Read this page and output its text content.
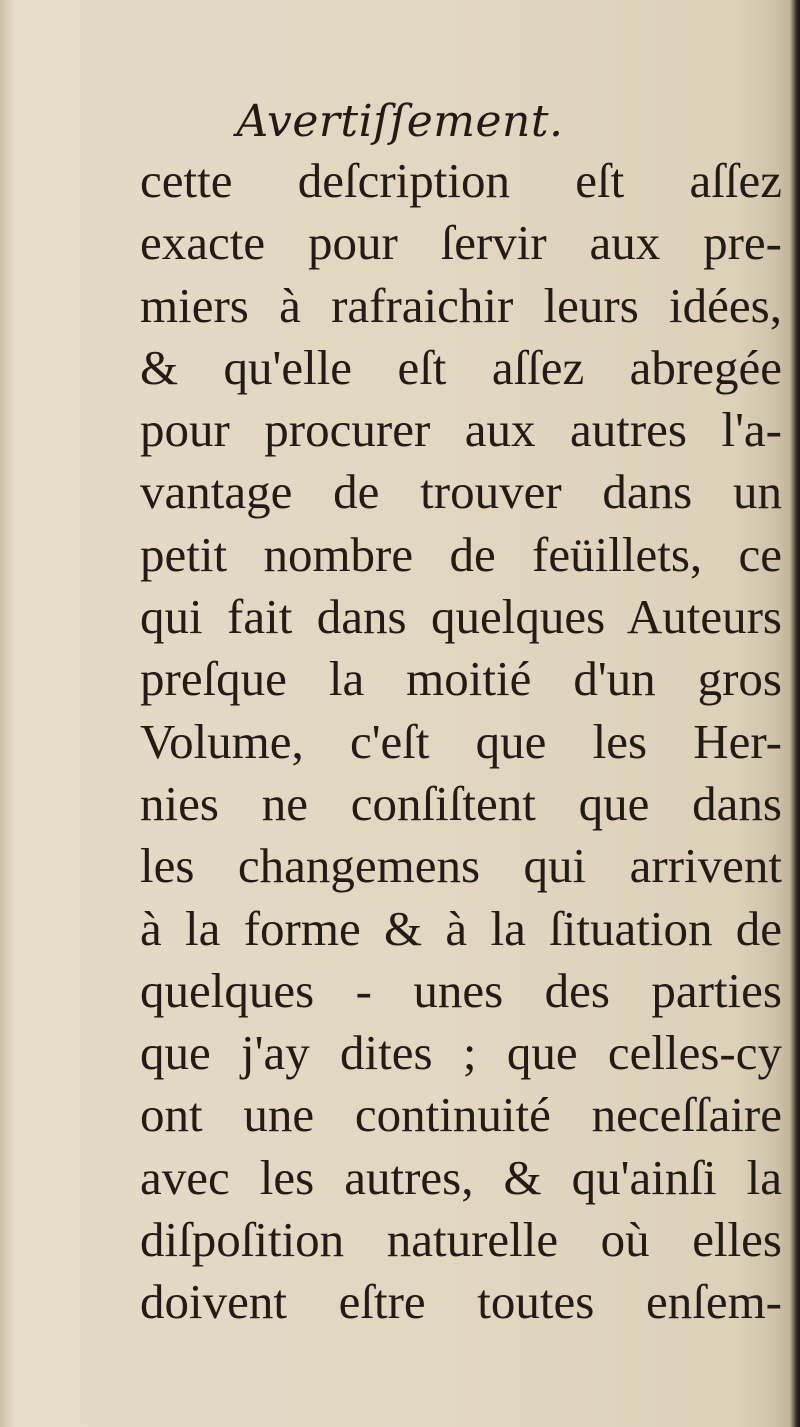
Avertiſſement.
cette deſcription eſt aſſez
exacte pour ſervir aux pre-
miers à rafraichir leurs idées,
& qu'elle eſt aſſez abregée
pour procurer aux autres l'a-
vantage de trouver dans un
petit nombre de feüillets, ce
qui fait dans quelques Auteurs
preſque la moitié d'un gros
Volume, c'eſt que les Her-
nies ne conſiſtent que dans
les changemens qui arrivent
à la forme & à la ſituation de
quelques - unes des parties
que j'ay dites ; que celles-cy
ont une continuité neceſſaire
avec les autres, & qu'ainſi la
diſpoſition naturelle où elles
doivent eſtre toutes enſem-
